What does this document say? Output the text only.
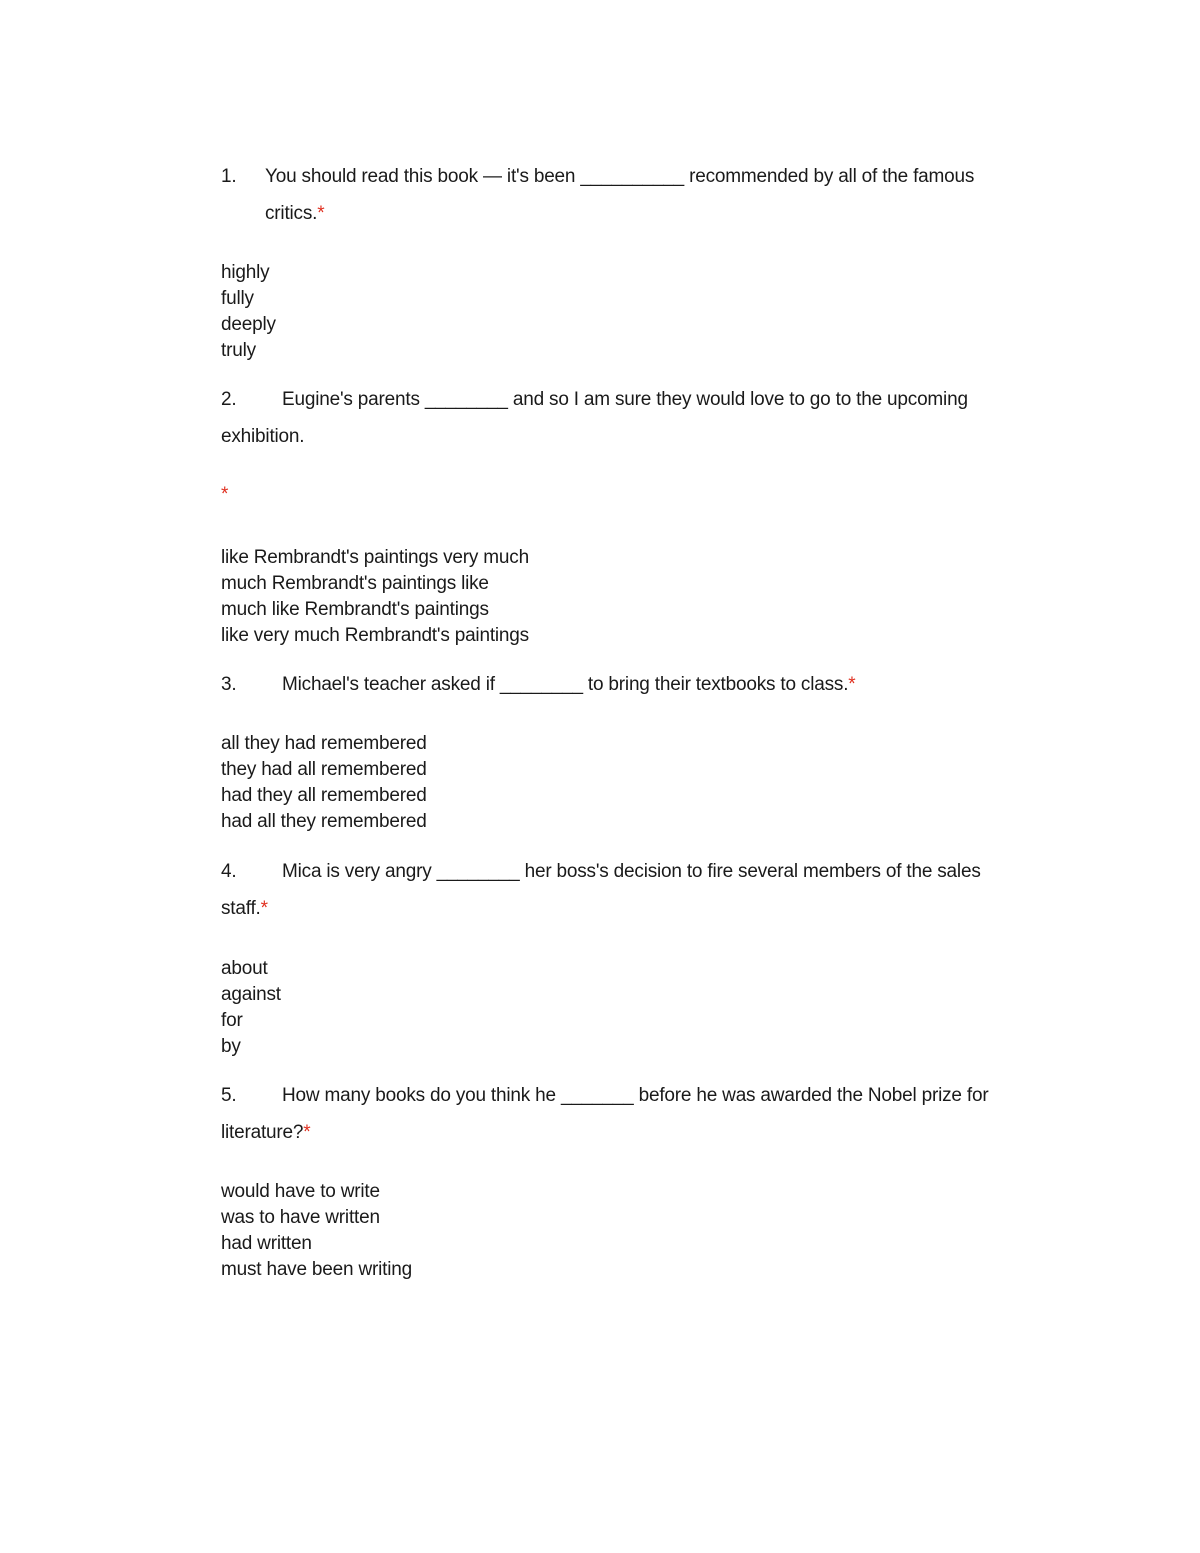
1. You should read this book — it's been __________ recommended by all of the famous
critics.*
highly
fully
deeply
truly
2. Eugine's parents ________ and so I am sure they would love to go to the upcoming
exhibition.
*
like Rembrandt's paintings very much
much Rembrandt's paintings like
much like Rembrandt's paintings
like very much Rembrandt's paintings
3. Michael's teacher asked if ________ to bring their textbooks to class.*
all they had remembered
they had all remembered
had they all remembered
had all they remembered
4. Mica is very angry ________ her boss's decision to fire several members of the sales
staff.*
about
against
for
by
5. How many books do you think he _______ before he was awarded the Nobel prize for
literature?*
would have to write
was to have written
had written
must have been writing
